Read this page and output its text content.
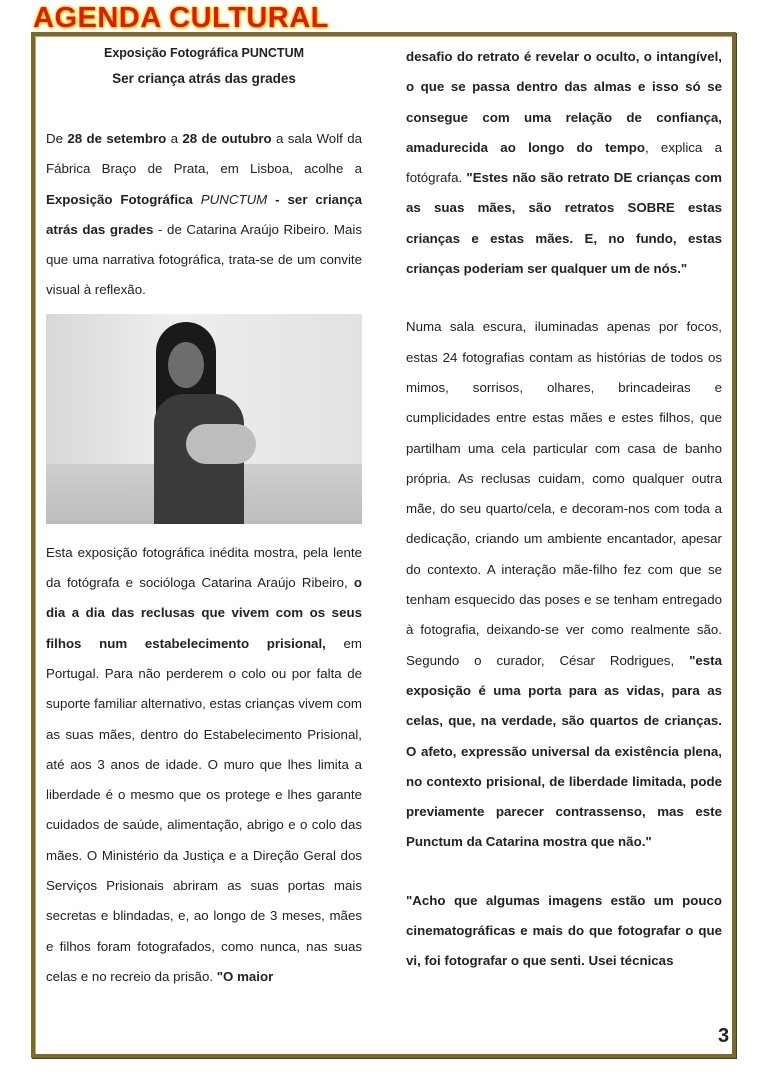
AGENDA CULTURAL

Exposição Fotográfica PUNCTUM

Ser criança atrás das grades

De 28 de setembro a 28 de outubro a sala Wolf da Fábrica Braço de Prata, em Lisboa, acolhe a Exposição Fotográfica PUNCTUM - ser criança atrás das grades - de Catarina Araújo Ribeiro. Mais que uma narrativa fotográfica, trata-se de um convite visual à reflexão.

Esta exposição fotográfica inédita mostra, pela lente da fotógrafa e socióloga Catarina Araújo Ribeiro, o dia a dia das reclusas que vivem com os seus filhos num estabelecimento prisional, em Portugal. Para não perderem o colo ou por falta de suporte familiar alternativo, estas crianças vivem com as suas mães, dentro do Estabelecimento Prisional, até aos 3 anos de idade. O muro que lhes limita a liberdade é o mesmo que os protege e lhes garante cuidados de saúde, alimentação, abrigo e o colo das mães. O Ministério da Justiça e a Direção Geral dos Serviços Prisionais abriram as suas portas mais secretas e blindadas, e, ao longo de 3 meses, mães e filhos foram fotografados, como nunca, nas suas celas e no recreio da prisão. "O maior

desafio do retrato é revelar o oculto, o intangível, o que se passa dentro das almas e isso só se consegue com uma relação de confiança, amadurecida ao longo do tempo, explica a fotógrafa. "Estes não são retrato DE crianças com as suas mães, são retratos SOBRE estas crianças e estas mães. E, no fundo, estas crianças poderiam ser qualquer um de nós."

Numa sala escura, iluminadas apenas por focos, estas 24 fotografias contam as histórias de todos os mimos, sorrisos, olhares, brincadeiras e cumplicidades entre estas mães e estes filhos, que partilham uma cela particular com casa de banho própria. As reclusas cuidam, como qualquer outra mãe, do seu quarto/cela, e decoram-nos com toda a dedicação, criando um ambiente encantador, apesar do contexto. A interação mãe-filho fez com que se tenham esquecido das poses e se tenham entregado à fotografia, deixando-se ver como realmente são. Segundo o curador, César Rodrigues, "esta exposição é uma porta para as vidas, para as celas, que, na verdade, são quartos de crianças. O afeto, expressão universal da existência plena, no contexto prisional, de liberdade limitada, pode previamente parecer contrassenso, mas este Punctum da Catarina mostra que não."

"Acho que algumas imagens estão um pouco cinematográficas e mais do que fotografar o que vi, foi fotografar o que senti. Usei técnicas

3
